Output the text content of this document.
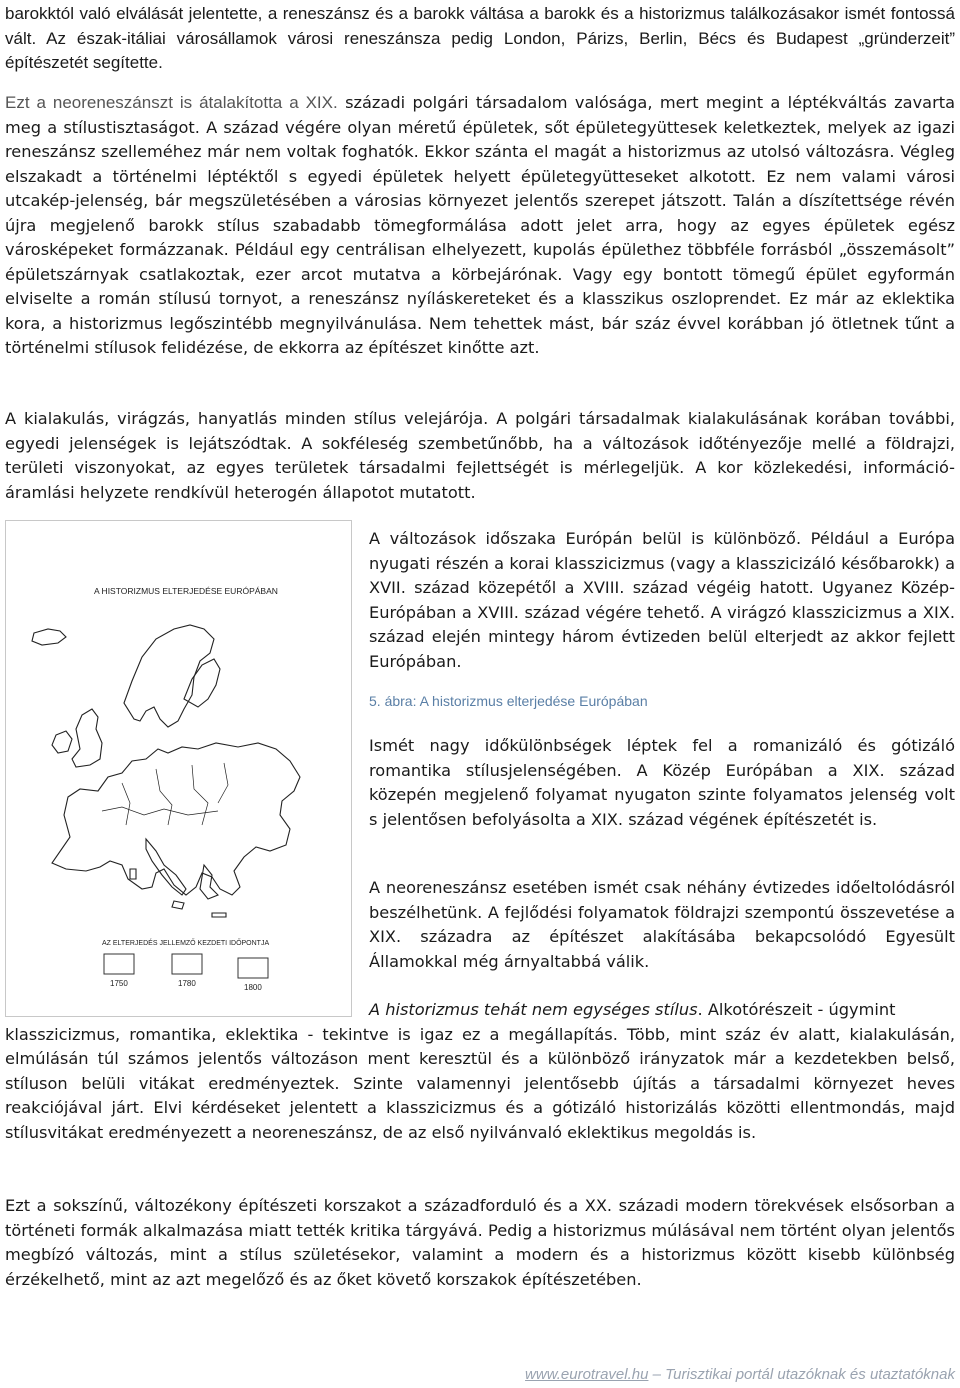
barokktól való elválását jelentette, a reneszánsz és a barokk váltása a barokk és a historizmus találkozásakor ismét fontossá vált. Az észak-itáliai városállamok városi reneszánsza pedig London, Párizs, Berlin, Bécs és Budapest „gründerzeit” építészetét segítette.

Ezt a neoreneszánszt is átalakította a XIX. századi polgári társadalom valósága, mert megint a léptékváltás zavarta meg a stílustisztaságot. A század végére olyan méretű épületek, sőt épületegyüttesek keletkeztek, melyek az igazi reneszánsz szelleméhez már nem voltak foghatók. Ekkor szánta el magát a historizmus az utolsó változásra. Végleg elszakadt a történelmi léptéktől s egyedi épületek helyett épületegyütteseket alkotott. Ez nem valami városi utcakép-jelenség, bár megszületésében a városias környezet jelentős szerepet játszott. Talán a díszítettsége révén újra megjelenő barokk stílus szabadabb tömegformálása adott jelet arra, hogy az egyes épületek egész városképeket formázzanak. Például egy centrálisan elhelyezett, kupolás épülethez többféle forrásból „összemásolt” épületszárnyak csatlakoztak, ezer arcot mutatva a körbejárónak. Vagy egy bontott tömegű épület egyformán elviselte a román stílusú tornyot, a reneszánsz nyíláskereteket és a klasszikus oszloprendet. Ez már az eklektika kora, a historizmus legőszintébb megnyilvánulása. Nem tehettek mást, bár száz évvel korábban jó ötletnek tűnt a történelmi stílusok felidézése, de ekkorra az építészet kinőtte azt.

A kialakulás, virágzás, hanyatlás minden stílus velejárója. A polgári társadalmak kialakulásának korában további, egyedi jelenségek is lejátszódtak. A sokféleség szembetűnőbb, ha a változások időtényezője mellé a földrajzi, területi viszonyokat, az egyes területek társadalmi fejlettségét is mérlegeljük. A kor közlekedési, információ-áramlási helyzete rendkívül heterogén állapotot mutatott.

A HISTORIZMUS ELTERJEDÉSE EURÓPÁBAN
AZ ELTERJEDÉS JELLEMZŐ KEZDETI IDŐPONTJA
1750	1780	1800

A változások időszaka Európán belül is különböző. Például a Európa nyugati részén a korai klasszicizmus (vagy a klasszicizáló későbarokk) a XVII. század közepétől a XVIII. század végéig hatott. Ugyanez Közép-Európában a XVIII. század végére tehető. A virágzó klasszicizmus a XIX. század elején mintegy három évtizeden belül elterjedt az akkor fejlett Európában.

5. ábra: A historizmus elterjedése Európában

Ismét nagy időkülönbségek léptek fel a romanizáló és gótizáló romantika stílusjelenségében. A Közép Európában a XIX. század közepén megjelenő folyamat nyugaton szinte folyamatos jelenség volt s jelentősen befolyásolta a XIX. század végének építészetét is.

A neoreneszánsz esetében ismét csak néhány évtizedes időeltolódásról beszélhetünk. A fejlődési folyamatok földrajzi szempontú összevetése a XIX. századra az építészet alakításába bekapcsolódó Egyesült Államokkal még árnyaltabbá válik.

A historizmus tehát nem egységes stílus. Alkotórészeit - úgymint
klasszicizmus, romantika, eklektika - tekintve is igaz ez a megállapítás. Több, mint száz év alatt, kialakulásán, elmúlásán túl számos jelentős változáson ment keresztül és a különböző irányzatok már a kezdetekben belső, stíluson belüli vitákat eredményeztek. Szinte valamennyi jelentősebb újítás a társadalmi környezet heves reakciójával járt. Elvi kérdéseket jelentett a klasszicizmus és a gótizáló historizálás közötti ellentmondás, majd stílusvitákat eredményezett a neoreneszánsz, de az első nyilvánvaló eklektikus megoldás is.

Ezt a sokszínű, változékony építészeti korszakot a századforduló és a XX. századi modern törekvések elsősorban a történeti formák alkalmazása miatt tették kritika tárgyává. Pedig a historizmus múlásával nem történt olyan jelentős megbízó változás, mint a stílus születésekor, valamint a modern és a historizmus között kisebb különbség érzékelhető, mint az azt megelőző és az őket követő korszakok építészetében.

www.eurotravel.hu – Turisztikai portál utazóknak és utaztatóknak
